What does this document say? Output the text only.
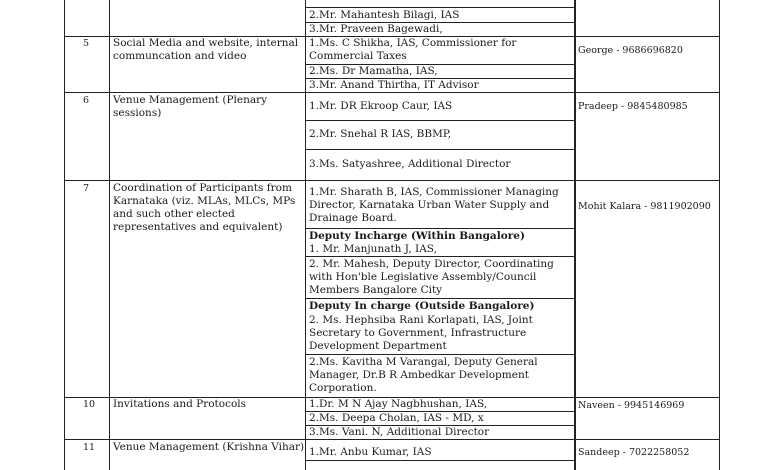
2.Mr. Mahantesh Bilagi, IAS
3.Mr. Praveen Bagewadi,
5 Social Media and website, internal
communcation and video
1.Ms. C Shikha, IAS, Commissioner for
Commercial Taxes
2.Ms. Dr Mamatha, IAS,
3.Mr. Anand Thirtha, IT Advisor
George - 9686696820
6 Venue Management (Plenary
sessions)
1.Mr. DR Ekroop Caur, IAS
2.Mr. Snehal R IAS, BBMP,
3.Ms. Satyashree, Additional Director
Pradeep - 9845480985
7 Coordination of Participants from
Karnataka (viz. MLAs, MLCs, MPs
and such other elected
representatives and equivalent)
1.Mr. Sharath B, IAS, Commissioner Managing
Director, Karnataka Urban Water Supply and
Drainage Board.
Deputy Incharge (Within Bangalore)
1. Mr. Manjunath J, IAS,
2. Mr. Mahesh, Deputy Director, Coordinating
with Hon'ble Legislative Assembly/Council
Members Bangalore City
Deputy In charge (Outside Bangalore)
2. Ms. Hephsiba Rani Korlapati, IAS, Joint
Secretary to Government, Infrastructure
Development Department
2.Ms. Kavitha M Varangal, Deputy General
Manager, Dr.B R Ambedkar Development
Corporation.
Mohit Kalara - 9811902090
10 Invitations and Protocols	1.Dr. M N Ajay Nagbhushan, IAS,
2.Ms. Deepa Cholan, IAS - MD, x
3.Ms. Vani. N, Additional Director
Naveen - 9945146969
11 Venue Management (Krishna Vihar) 1.Mr. Anbu Kumar, IAS	Sandeep - 7022258052
